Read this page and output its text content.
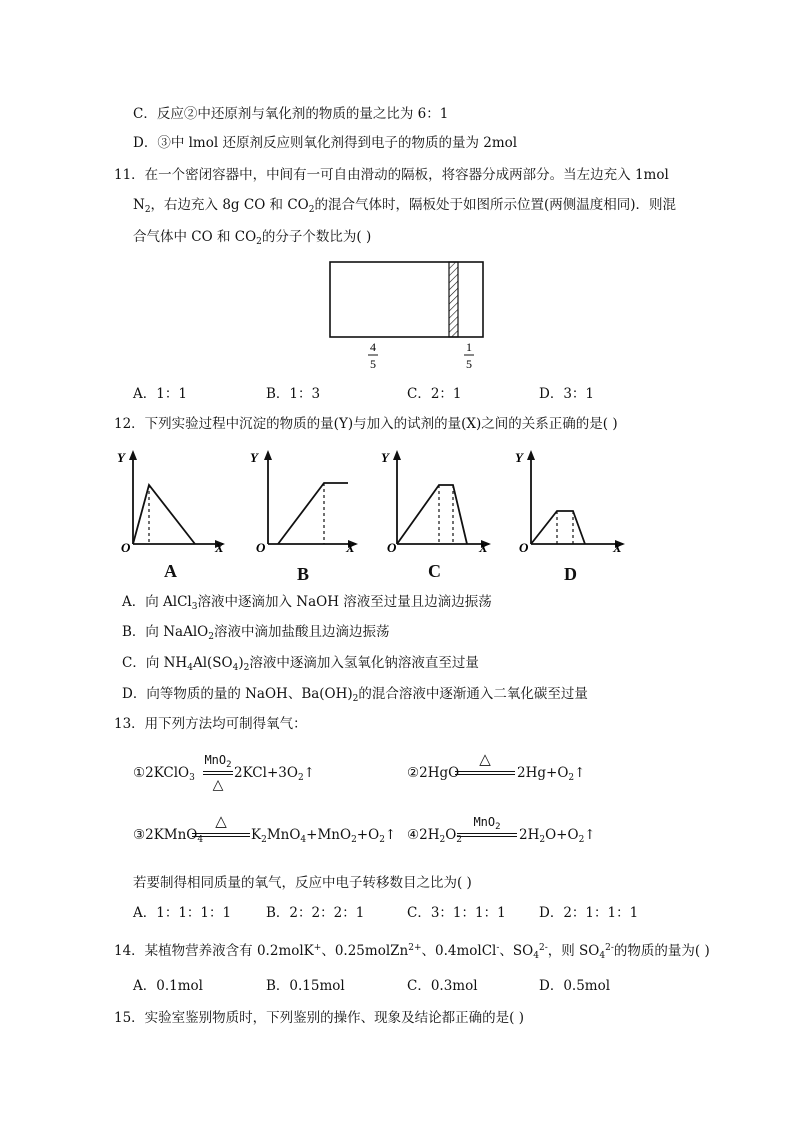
C．反应②中还原剂与氧化剂的物质的量之比为 6：1
D．③中 lmol 还原剂反应则氧化剂得到电子的物质的量为 2mol
11．在一个密闭容器中，中间有一可自由滑动的隔板，将容器分成两部分。当左边充入 1mol
$N_2$，右边充入 8g CO 和 $CO_2$的混合气体时，隔板处于如图所示位置(两侧温度相同)．则混
合气体中 CO 和 $CO_2$的分子个数比为( )
4
5
1
5
A．1：1	B．1：3	C．2：1	D．3：1
12．下列实验过程中沉淀的物质的量(Y)与加入的试剂的量(X)之间的关系正确的是( )
Y
X
O
A
Y
X
O
B
Y
X
O
C
Y
X
O
D
A．向 AlCl$_3$溶液中逐滴加入 NaOH 溶液至过量且边滴边振荡
B．向 NaAlO$_2$溶液中滴加盐酸且边滴边振荡
C．向 $NH_4Al(SO_4)_2$溶液中逐滴加入氢氧化钠溶液直至过量
D．向等物质的量的 NaOH、$Ba(OH)_2$的混合溶液中逐渐通入二氧化碳至过量
13．用下列方法均可制得氧气：
①2KClO$_3$
MnO$_2$
△
$2KCl+3O_2↑$	②2HgO
△
$2Hg+O_2↑$
③2KMnO$_4$
△
$K_2MnO_4+MnO_2+O_2↑$ $④2H_2O_2$
MnO$_2$	$2H_2O+O_2↑$
若要制得相同质量的氧气，反应中电子转移数目之比为( )
A．1：1：1：1	B．2：2：2：1	C．3：1：1：1 D．2：1：1：1
14．某植物营养液含有 0.2molK+、0.25molZn$^{2+}$、0.4molCl-、$SO_4^{2-}$，则 $SO_4^{2-}$的物质的量为( )
A．0.1mol	B．0.15mol	C．0.3mol	D．0.5mol
15．实验室鉴别物质时，下列鉴别的操作、现象及结论都正确的是( )
